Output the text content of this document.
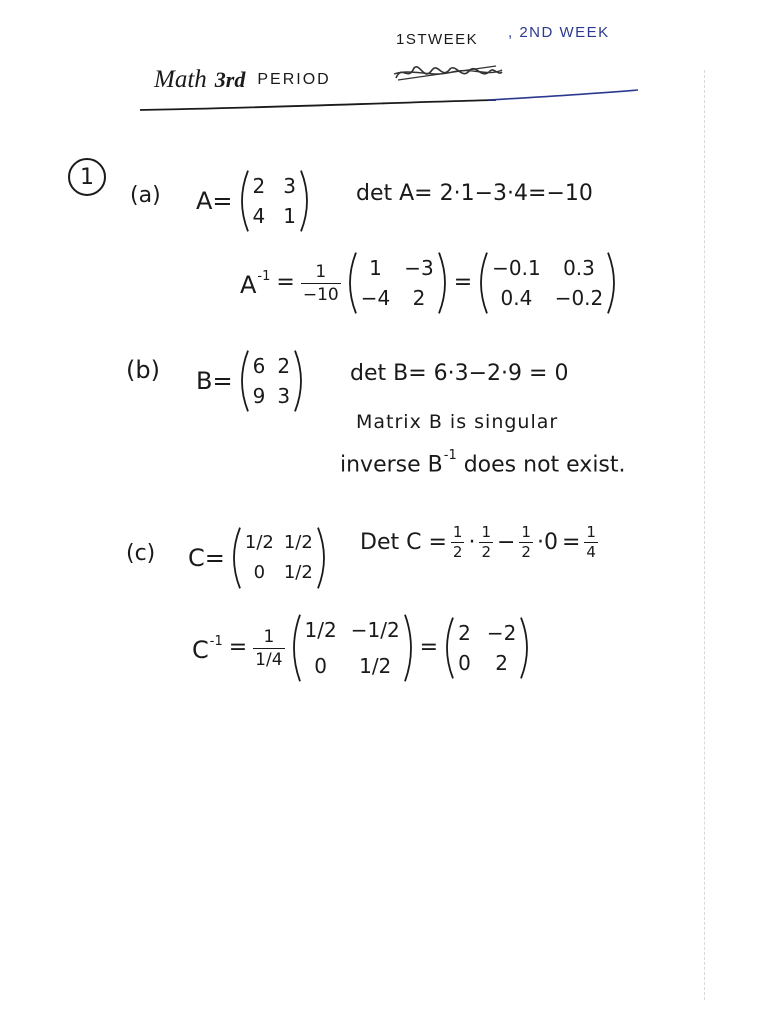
1STWEEK , 2ND WEEK
Math 3rd PERIOD
1
(a) A=
2 3
4 1
det A= 2·1−3·4=−10
$A^{-1} = \frac{1}{-10}$	1	−3
−4	2
=
−0.1	0.3
0.4	−0.2
(b) B=
6 2
9 3
det B= 6·3−2·9 = 0
Matrix B is singular
inverse $B^{-1}$ does not exist.
(c) C=
1/2 1/2
0	1/2
Det $C = \frac{1}{2} \cdot \frac{1}{2} - \frac{1}{2} \cdot 0 = \frac{1}{4}$
$C^{-1} = \frac{1}{1/4} 1/2 -1/2$
0	1/2
=
2 −2
0	2
